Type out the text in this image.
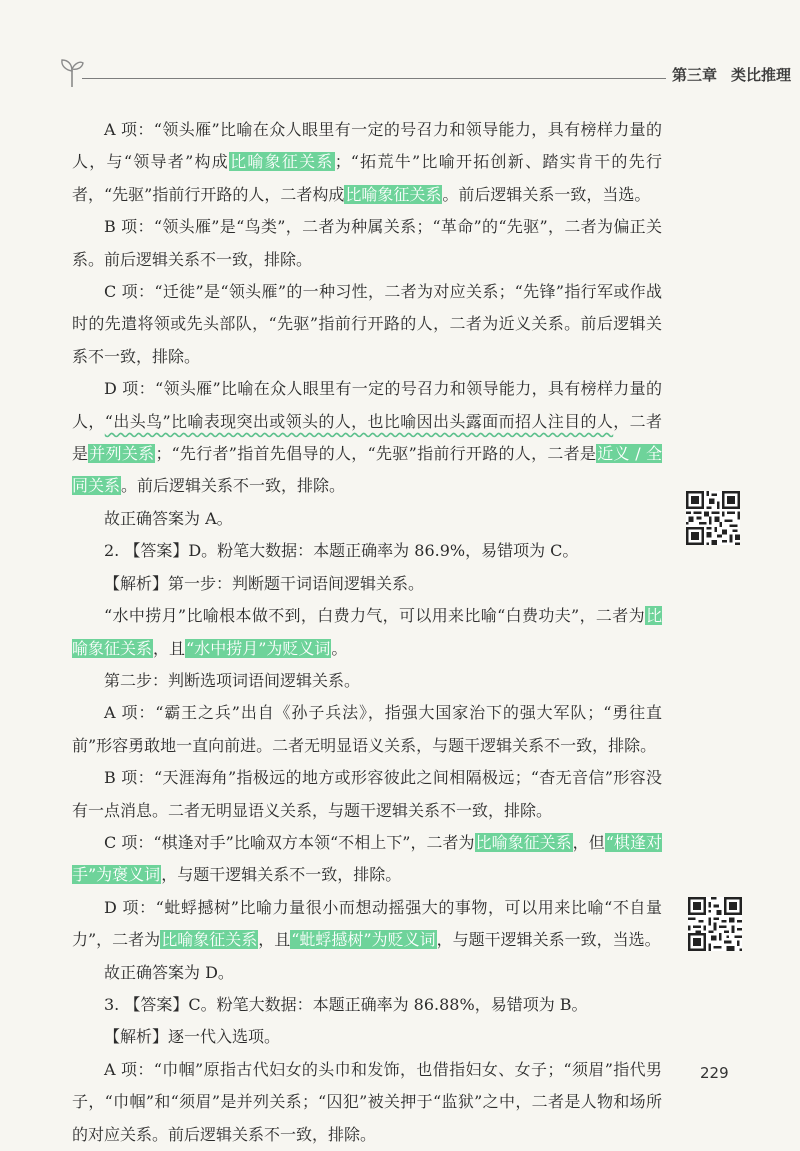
第三章 类比推理

A 项：“领头雁”比喻在众人眼里有一定的号召力和领导能力，具有榜样力量的人，与“领导者”构成比喻象征关系；“拓荒牛”比喻开拓创新、踏实肯干的先行者，“先驱”指前行开路的人，二者构成比喻象征关系。前后逻辑关系一致，当选。

B 项：“领头雁”是“鸟类”，二者为种属关系；“革命”的“先驱”，二者为偏正关系。前后逻辑关系不一致，排除。

C 项：“迁徙”是“领头雁”的一种习性，二者为对应关系；“先锋”指行军或作战时的先遣将领或先头部队，“先驱”指前行开路的人，二者为近义关系。前后逻辑关系不一致，排除。

D 项：“领头雁”比喻在众人眼里有一定的号召力和领导能力，具有榜样力量的人，“出头鸟”比喻表现突出或领头的人，也比喻因出头露面而招人注目的人，二者是并列关系；“先行者”指首先倡导的人，“先驱”指前行开路的人，二者是近义 / 全同关系。前后逻辑关系不一致，排除。

故正确答案为 A。

2. 【答案】D。粉笔大数据：本题正确率为 86.9%，易错项为 C。

【解析】第一步：判断题干词语间逻辑关系。

“水中捞月”比喻根本做不到，白费力气，可以用来比喻“白费功夫”，二者为比喻象征关系，且“水中捞月”为贬义词。

第二步：判断选项词语间逻辑关系。

A 项：“霸王之兵”出自《孙子兵法》，指强大国家治下的强大军队；“勇往直前”形容勇敢地一直向前进。二者无明显语义关系，与题干逻辑关系不一致，排除。

B 项：“天涯海角”指极远的地方或形容彼此之间相隔极远；“杳无音信”形容没有一点消息。二者无明显语义关系，与题干逻辑关系不一致，排除。

C 项：“棋逢对手”比喻双方本领“不相上下”，二者为比喻象征关系，但“棋逢对手”为褒义词，与题干逻辑关系不一致，排除。

D 项：“蚍蜉撼树”比喻力量很小而想动摇强大的事物，可以用来比喻“不自量力”，二者为比喻象征关系，且“蚍蜉撼树”为贬义词，与题干逻辑关系一致，当选。

故正确答案为 D。

3. 【答案】C。粉笔大数据：本题正确率为 86.88%，易错项为 B。

【解析】逐一代入选项。

A 项：“巾帼”原指古代妇女的头巾和发饰，也借指妇女、女子；“须眉”指代男子，“巾帼”和“须眉”是并列关系；“囚犯”被关押于“监狱”之中，二者是人物和场所的对应关系。前后逻辑关系不一致，排除。

229
